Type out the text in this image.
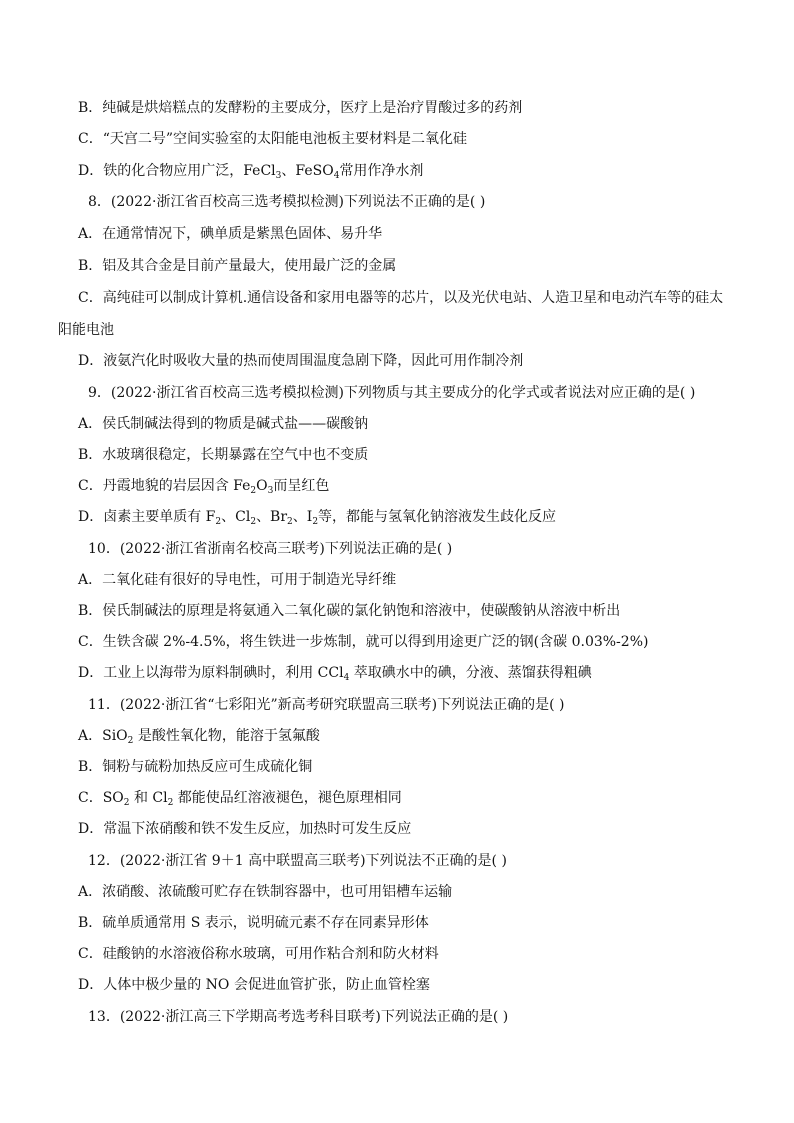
B．纯碱是烘焙糕点的发酵粉的主要成分，医疗上是治疗胃酸过多的药剂
C．“天宫二号”空间实验室的太阳能电池板主要材料是二氧化硅
D．铁的化合物应用广泛，FeCl$_3$、FeSO$_4$常用作净水剂
8．(2022·浙江省百校高三选考模拟检测)下列说法不正确的是( )
A．在通常情况下，碘单质是紫黑色固体、易升华
B．铝及其合金是目前产量最大，使用最广泛的金属
C．高纯硅可以制成计算机.通信设备和家用电器等的芯片，以及光伏电站、人造卫星和电动汽车等的硅太
阳能电池
D．液氨汽化时吸收大量的热而使周围温度急剧下降，因此可用作制冷剂
9．(2022·浙江省百校高三选考模拟检测)下列物质与其主要成分的化学式或者说法对应正确的是( )
A．侯氏制碱法得到的物质是碱式盐——碳酸钠
B．水玻璃很稳定，长期暴露在空气中也不变质
C．丹霞地貌的岩层因含 $Fe_2O_3$而呈红色
D．卤素主要单质有 $F_2$、$Cl_2$、$Br_2$、$I_2$等，都能与氢氧化钠溶液发生歧化反应
10．(2022·浙江省浙南名校高三联考)下列说法正确的是( )
A．二氧化硅有很好的导电性，可用于制造光导纤维
B．侯氏制碱法的原理是将氨通入二氧化碳的氯化钠饱和溶液中，使碳酸钠从溶液中析出
C．生铁含碳 2%-4.5%，将生铁进一步炼制，就可以得到用途更广泛的钢(含碳 0.03%-2%)
D．工业上以海带为原料制碘时，利用 CCl$_4$ 萃取碘水中的碘，分液、蒸馏获得粗碘
11．(2022·浙江省“七彩阳光”新高考研究联盟高三联考)下列说法正确的是( )
A．SiO$_2$ 是酸性氧化物，能溶于氢氟酸
B．铜粉与硫粉加热反应可生成硫化铜
C．$SO_2$ 和 $Cl_2$ 都能使品红溶液褪色，褪色原理相同
D．常温下浓硝酸和铁不发生反应，加热时可发生反应
12．(2022·浙江省 9＋1 高中联盟高三联考)下列说法不正确的是( )
A．浓硝酸、浓硫酸可贮存在铁制容器中，也可用铝槽车运输
B．硫单质通常用 S 表示，说明硫元素不存在同素异形体
C．硅酸钠的水溶液俗称水玻璃，可用作粘合剂和防火材料
D．人体中极少量的 NO 会促进血管扩张，防止血管栓塞
13．(2022·浙江高三下学期高考选考科目联考)下列说法正确的是( )
